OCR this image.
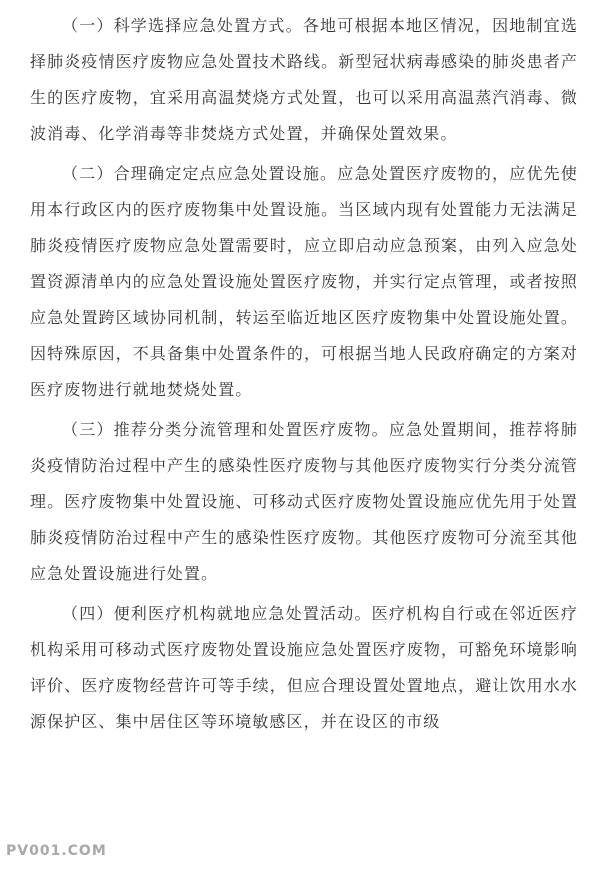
（一）科学选择应急处置方式。各地可根据本地区情况，因地制宜选择肺炎疫情医疗废物应急处置技术路线。新型冠状病毒感染的肺炎患者产生的医疗废物，宜采用高温焚烧方式处置，也可以采用高温蒸汽消毒、微波消毒、化学消毒等非焚烧方式处置，并确保处置效果。

（二）合理确定定点应急处置设施。应急处置医疗废物的，应优先使用本行政区内的医疗废物集中处置设施。当区域内现有处置能力无法满足肺炎疫情医疗废物应急处置需要时，应立即启动应急预案，由列入应急处置资源清单内的应急处置设施处置医疗废物，并实行定点管理，或者按照应急处置跨区域协同机制，转运至临近地区医疗废物集中处置设施处置。因特殊原因，不具备集中处置条件的，可根据当地人民政府确定的方案对医疗废物进行就地焚烧处置。

（三）推荐分类分流管理和处置医疗废物。应急处置期间，推荐将肺炎疫情防治过程中产生的感染性医疗废物与其他医疗废物实行分类分流管理。医疗废物集中处置设施、可移动式医疗废物处置设施应优先用于处置肺炎疫情防治过程中产生的感染性医疗废物。其他医疗废物可分流至其他应急处置设施进行处置。

（四）便利医疗机构就地应急处置活动。医疗机构自行或在邻近医疗机构采用可移动式医疗废物处置设施应急处置医疗废物，可豁免环境影响评价、医疗废物经营许可等手续，但应合理设置处置地点，避让饮用水水源保护区、集中居住区等环境敏感区，并在设区的市级

PV001.COM
